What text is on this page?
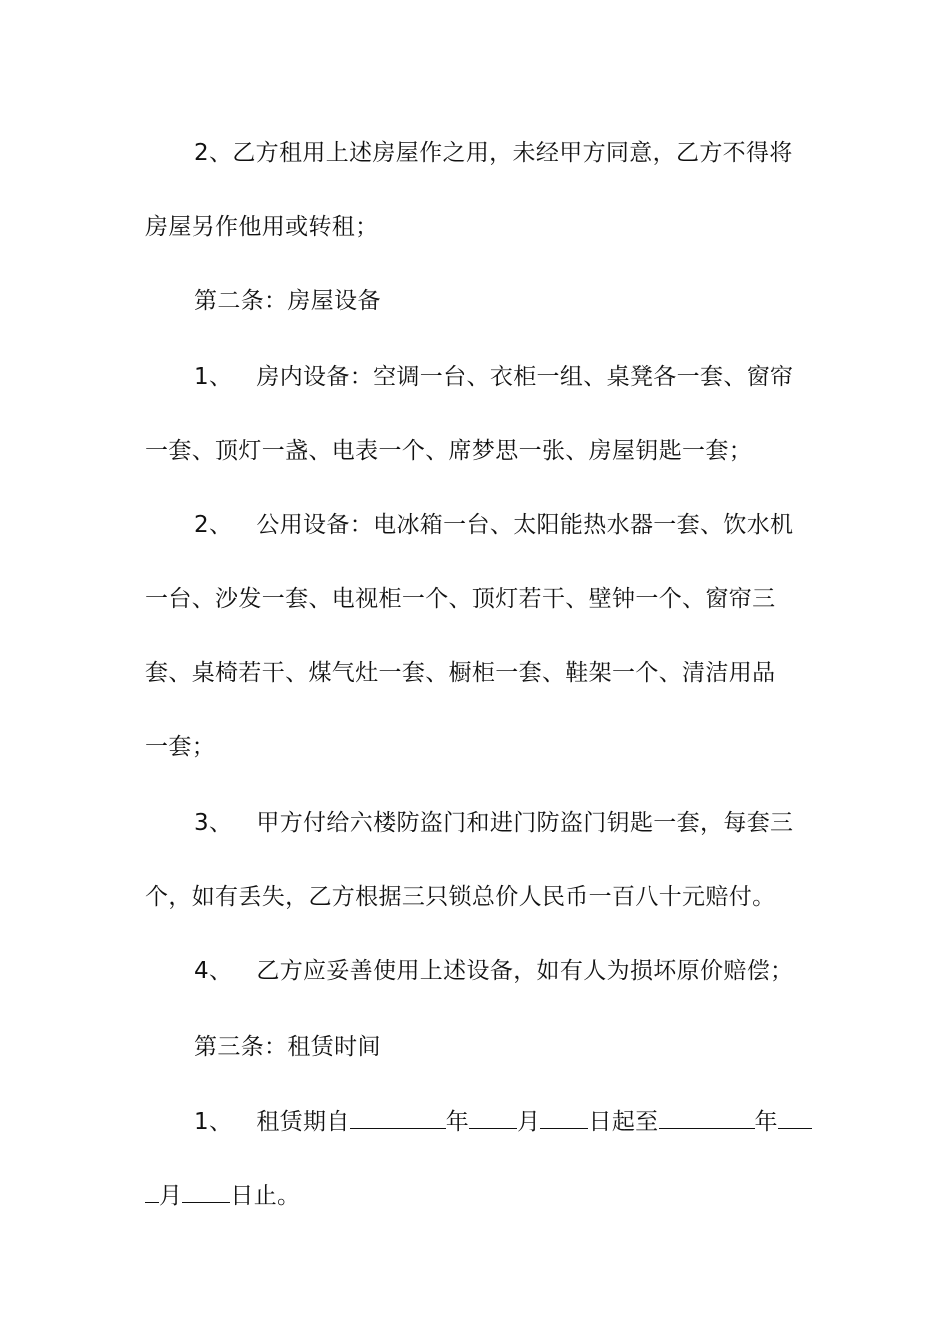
2、乙方租用上述房屋作之用，未经甲方同意，乙方不得将
房屋另作他用或转租；
第二条：房屋设备
1、 房内设备：空调一台、衣柜一组、桌凳各一套、窗帘
一套、顶灯一盏、电表一个、席梦思一张、房屋钥匙一套；
2、 公用设备：电冰箱一台、太阳能热水器一套、饮水机
一台、沙发一套、电视柜一个、顶灯若干、壁钟一个、窗帘三
套、桌椅若干、煤气灶一套、橱柜一套、鞋架一个、清洁用品
一套；
3、 甲方付给六楼防盗门和进门防盗门钥匙一套，每套三
个，如有丢失，乙方根据三只锁总价人民币一百八十元赔付。
4、 乙方应妥善使用上述设备，如有人为损坏原价赔偿；
第三条：租赁时间
1、 租赁期自	年 月 日起至	年
月 日止。
